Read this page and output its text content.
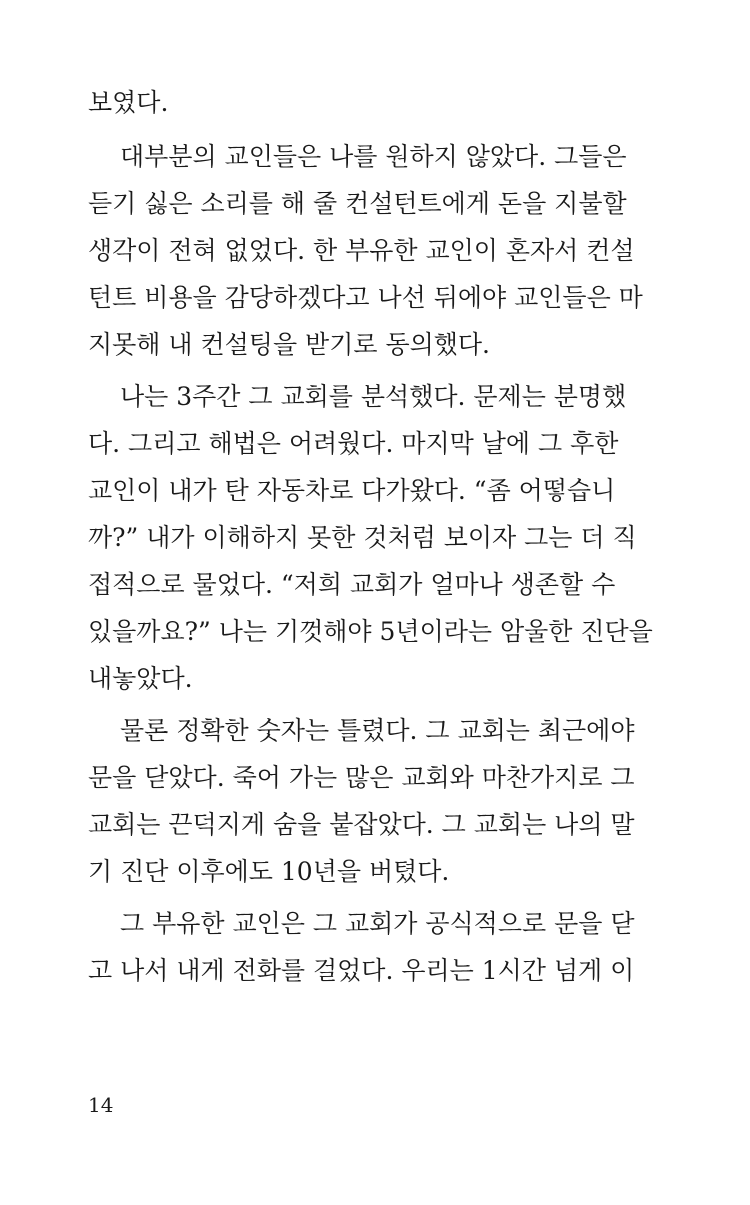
보였다.
대부분의 교인들은 나를 원하지 않았다. 그들은
듣기 싫은 소리를 해 줄 컨설턴트에게 돈을 지불할
생각이 전혀 없었다. 한 부유한 교인이 혼자서 컨설
턴트 비용을 감당하겠다고 나선 뒤에야 교인들은 마
지못해 내 컨설팅을 받기로 동의했다.
나는 3주간 그 교회를 분석했다. 문제는 분명했
다. 그리고 해법은 어려웠다. 마지막 날에 그 후한
교인이 내가 탄 자동차로 다가왔다. “좀 어떻습니
까?” 내가 이해하지 못한 것처럼 보이자 그는 더 직
접적으로 물었다. “저희 교회가 얼마나 생존할 수
있을까요?” 나는 기껏해야 5년이라는 암울한 진단을
내놓았다.
물론 정확한 숫자는 틀렸다. 그 교회는 최근에야
문을 닫았다. 죽어 가는 많은 교회와 마찬가지로 그
교회는 끈덕지게 숨을 붙잡았다. 그 교회는 나의 말
기 진단 이후에도 10년을 버텼다.
그 부유한 교인은 그 교회가 공식적으로 문을 닫
고 나서 내게 전화를 걸었다. 우리는 1시간 넘게 이
14
